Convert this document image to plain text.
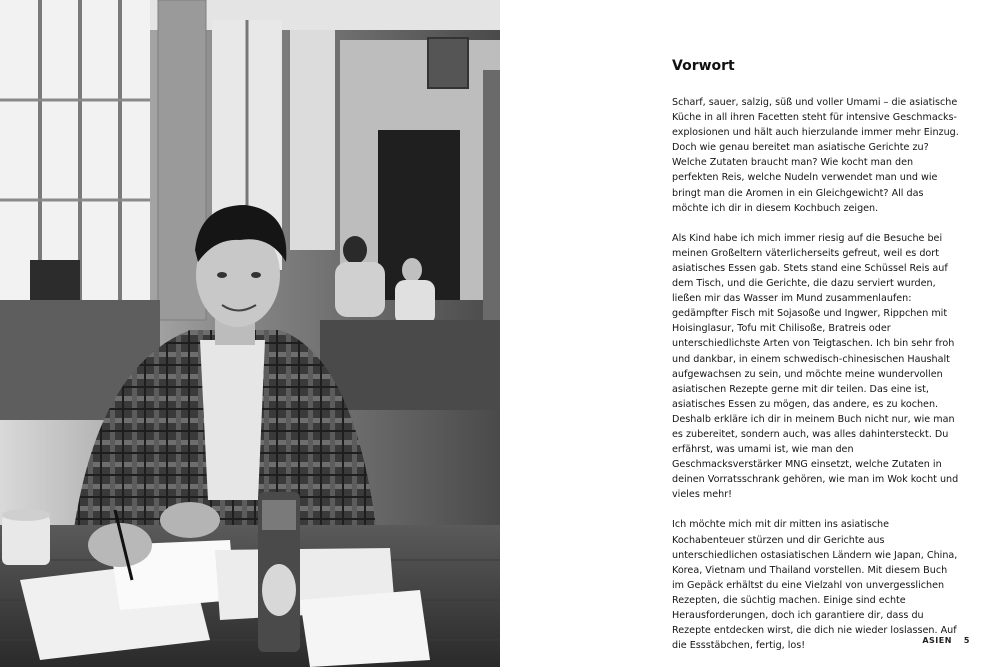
Vorwort

Scharf, sauer, salzig, süß und voller Umami – die asiatische Küche in all ihren Facetten steht für intensive Geschmacks-explosionen und hält auch hierzulande immer mehr Einzug. Doch wie genau bereitet man asiatische Gerichte zu? Welche Zutaten braucht man? Wie kocht man den perfekten Reis, welche Nudeln verwendet man und wie bringt man die Aromen in ein Gleichgewicht? All das möchte ich dir in diesem Kochbuch zeigen.

Als Kind habe ich mich immer riesig auf die Besuche bei meinen Großeltern väterlicherseits gefreut, weil es dort asiatisches Essen gab. Stets stand eine Schüssel Reis auf dem Tisch, und die Gerichte, die dazu serviert wurden, ließen mir das Wasser im Mund zusammenlaufen: gedämpfter Fisch mit Sojasoße und Ingwer, Rippchen mit Hoisinglasur, Tofu mit Chilisoße, Bratreis oder unterschiedlichste Arten von Teigtaschen. Ich bin sehr froh und dankbar, in einem schwedisch-chinesischen Haushalt aufgewachsen zu sein, und möchte meine wundervollen asiatischen Rezepte gerne mit dir teilen. Das eine ist, asiatisches Essen zu mögen, das andere, es zu kochen. Deshalb erkläre ich dir in meinem Buch nicht nur, wie man es zubereitet, sondern auch, was alles dahintersteckt. Du erfährst, was umami ist, wie man den Geschmacksverstärker MNG einsetzt, welche Zutaten in deinen Vorratsschrank gehören, wie man im Wok kocht und vieles mehr!

Ich möchte mich mit dir mitten ins asiatische Kochabenteuer stürzen und dir Gerichte aus unterschiedlichen ostasiatischen Ländern wie Japan, China, Korea, Vietnam und Thailand vorstellen. Mit diesem Buch im Gepäck erhältst du eine Vielzahl von unvergesslichen Rezepten, die süchtig machen. Einige sind echte Herausforderungen, doch ich garantiere dir, dass du Rezepte entdecken wirst, die dich nie wieder loslassen. Auf die Essstäbchen, fertig, los!	ASIEN 5
